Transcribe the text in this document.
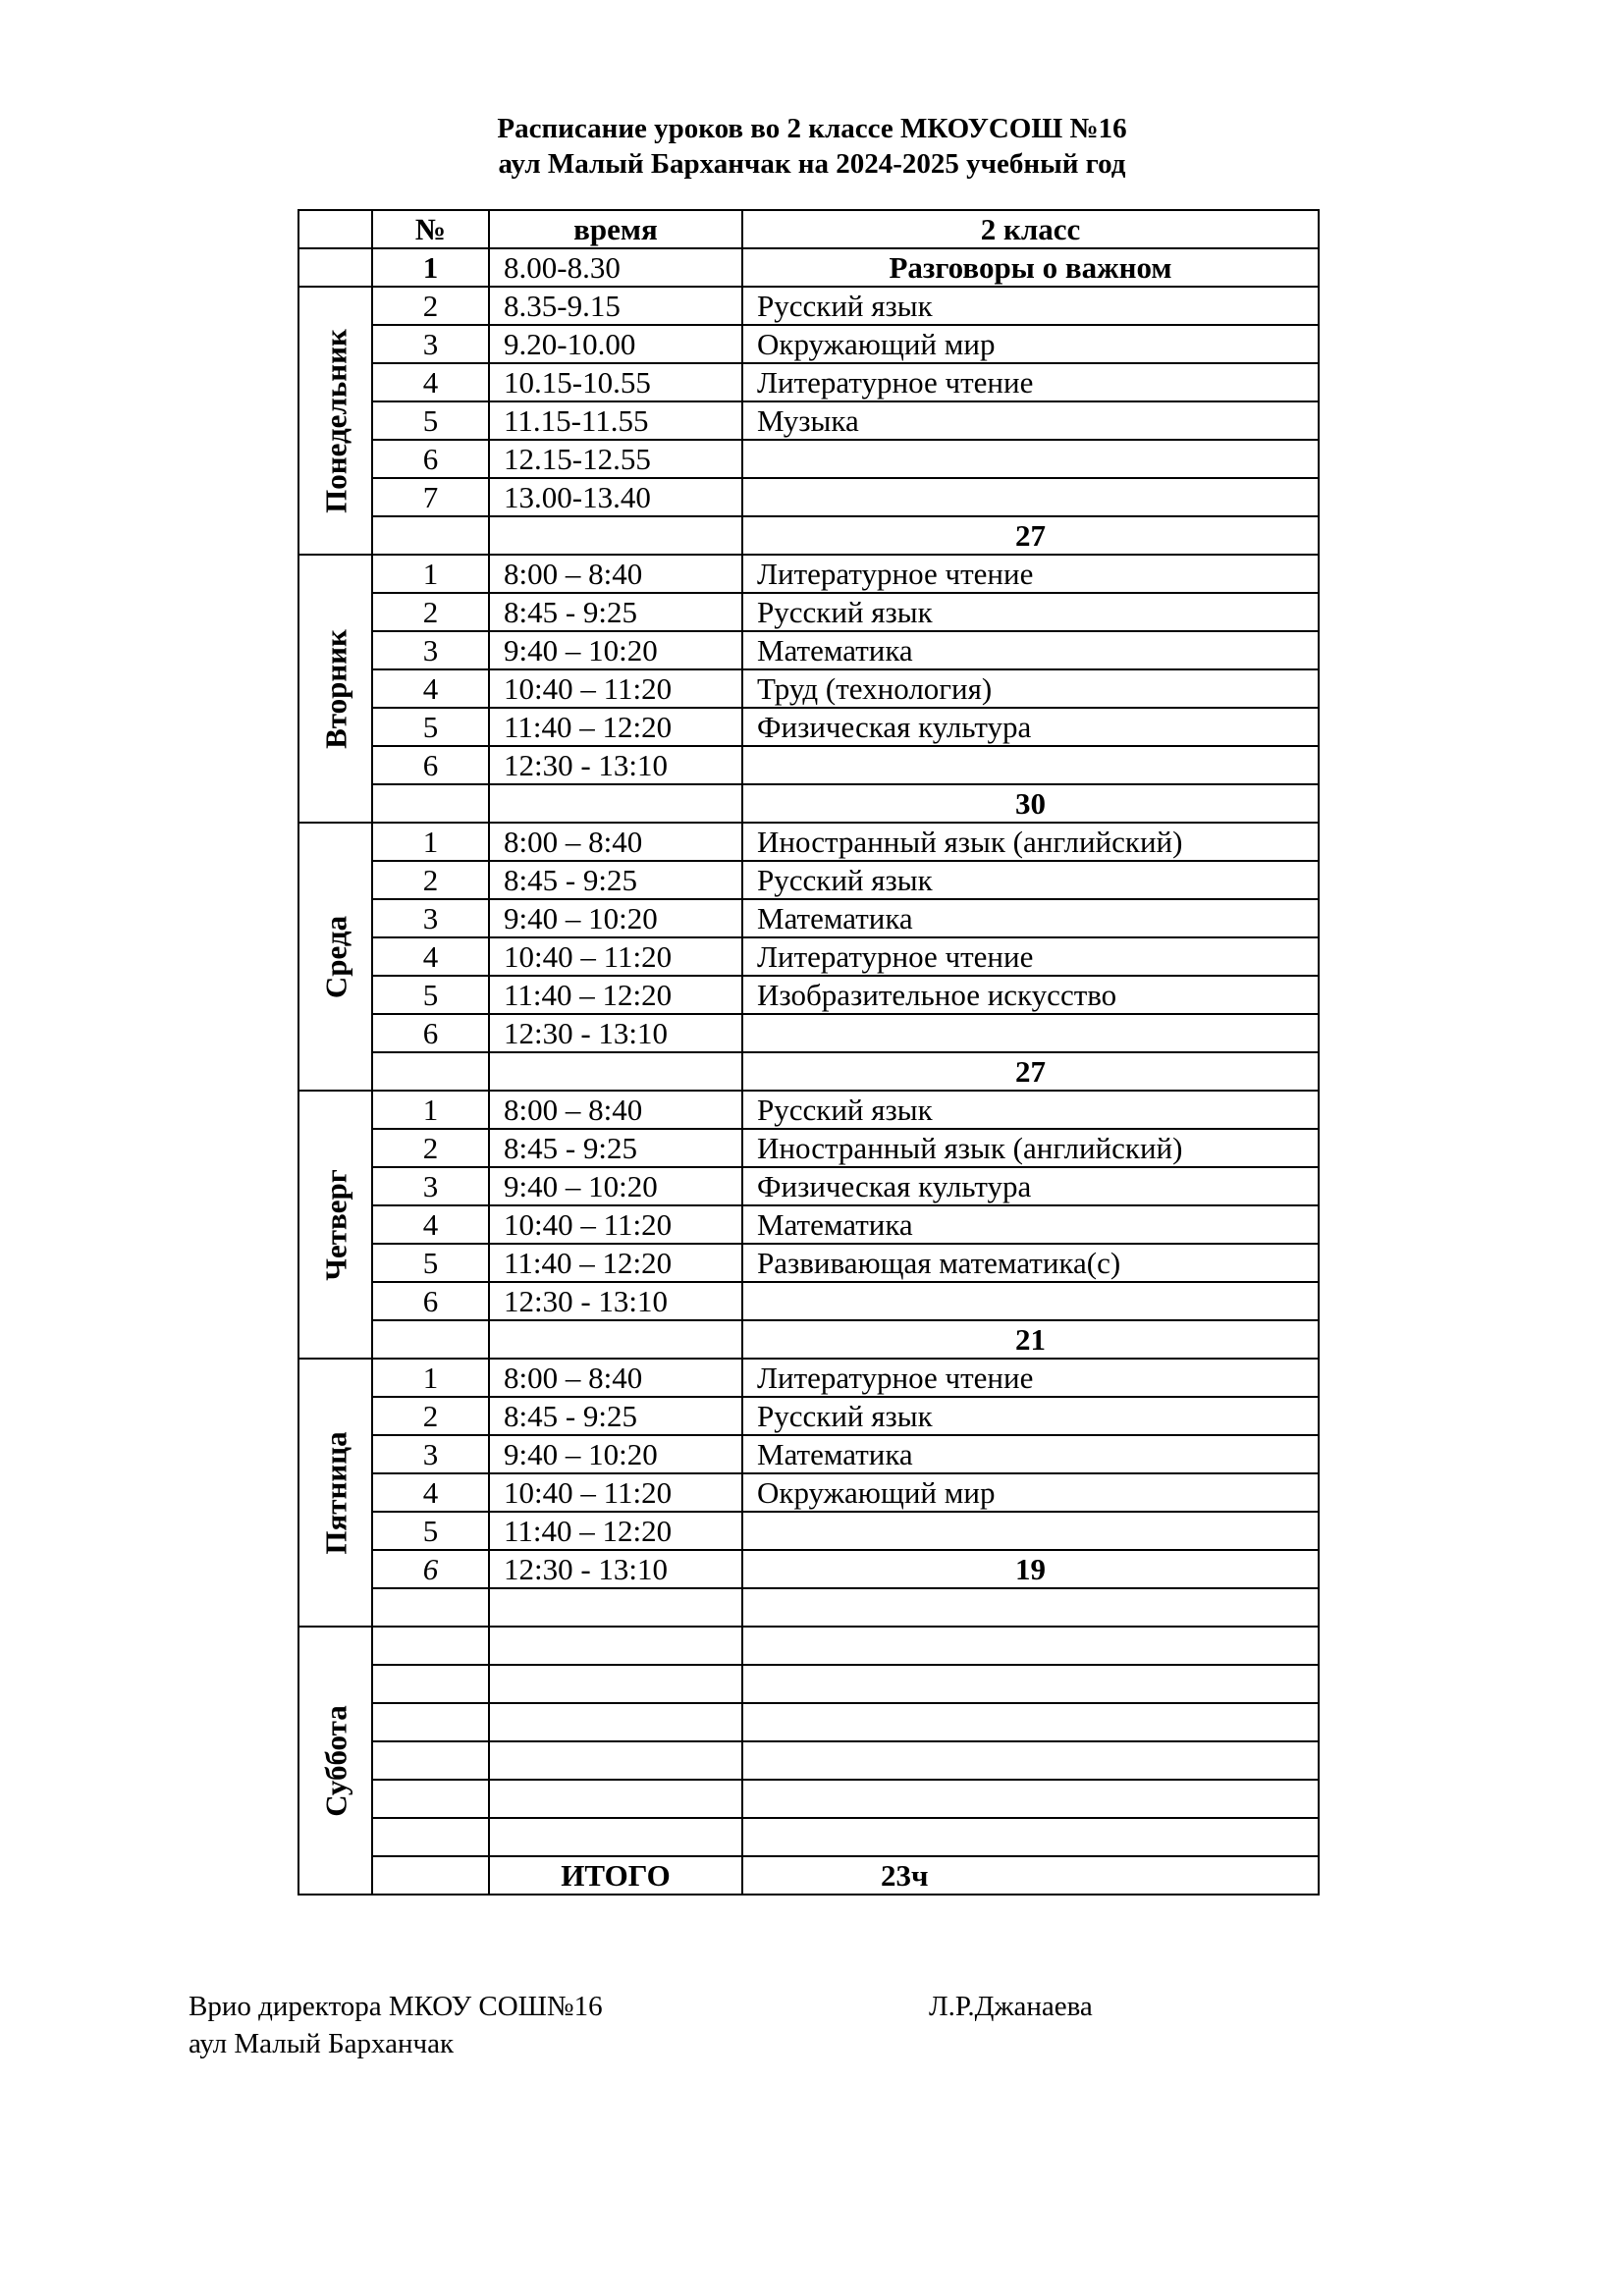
Расписание уроков во 2 классе МКОУСОШ №16
аул Малый Барханчак на 2024-2025 учебный год
	№	время	2 класс
	1	8.00-8.30	Разговоры о важном

Понедельник	2	8.35-9.15	Русский язык
	3	9.20-10.00	Окружающий мир
	4	10.15-10.55	Литературное чтение
	5	11.15-11.55	Музыка
	6	12.15-12.55	
	7	13.00-13.40	
			27

Вторник	1	8:00 – 8:40	Литературное чтение
	2	8:45 - 9:25	Русский язык
	3	9:40 – 10:20	Математика
	4	10:40 – 11:20	Труд (технология)
	5	11:40 – 12:20	Физическая культура
	6	12:30 - 13:10	
			30

Среда	1	8:00 – 8:40	Иностранный язык (английский)
	2	8:45 - 9:25	Русский язык
	3	9:40 – 10:20	Математика
	4	10:40 – 11:20	Литературное чтение
	5	11:40 – 12:20	Изобразительное искусство
	6	12:30 - 13:10	
			27

Четверг	1	8:00 – 8:40	Русский язык
	2	8:45 - 9:25	Иностранный язык (английский)
	3	9:40 – 10:20	Физическая культура
	4	10:40 – 11:20	Математика
	5	11:40 – 12:20	Развивающая математика(с)
	6	12:30 - 13:10	
			21

Пятница	1	8:00 – 8:40	Литературное чтение
	2	8:45 - 9:25	Русский язык
	3	9:40 – 10:20	Математика
	4	10:40 – 11:20	Окружающий мир
	5	11:40 – 12:20	
	6	12:30 - 13:10	19

Суббота			

		ИТОГО	23ч
Врио директора МКОУ СОШ№16
аул Малый Барханчак
Л.Р.Джанаева
